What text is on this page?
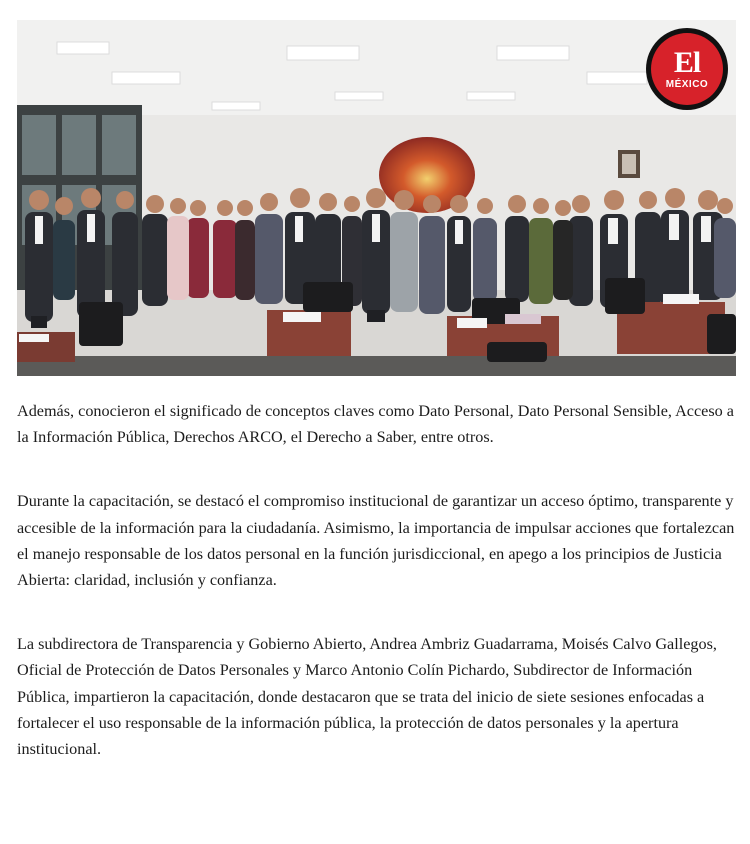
El
MÉXICO

Además, conocieron el significado de conceptos claves como Dato Personal, Dato Personal Sensible, Acceso a la Información Pública, Derechos ARCO, el Derecho a Saber, entre otros.

Durante la capacitación, se destacó el compromiso institucional de garantizar un acceso óptimo, transparente y accesible de la información para la ciudadanía. Asimismo, la importancia de impulsar acciones que fortalezcan el manejo responsable de los datos personal en la función jurisdiccional, en apego a los principios de Justicia Abierta: claridad, inclusión y confianza.

La subdirectora de Transparencia y Gobierno Abierto, Andrea Ambriz Guadarrama, Moisés Calvo Gallegos, Oficial de Protección de Datos Personales y Marco Antonio Colín Pichardo, Subdirector de Información Pública, impartieron la capacitación, donde destacaron que se trata del inicio de siete sesiones enfocadas a fortalecer el uso responsable de la información pública, la protección de datos personales y la apertura institucional.
